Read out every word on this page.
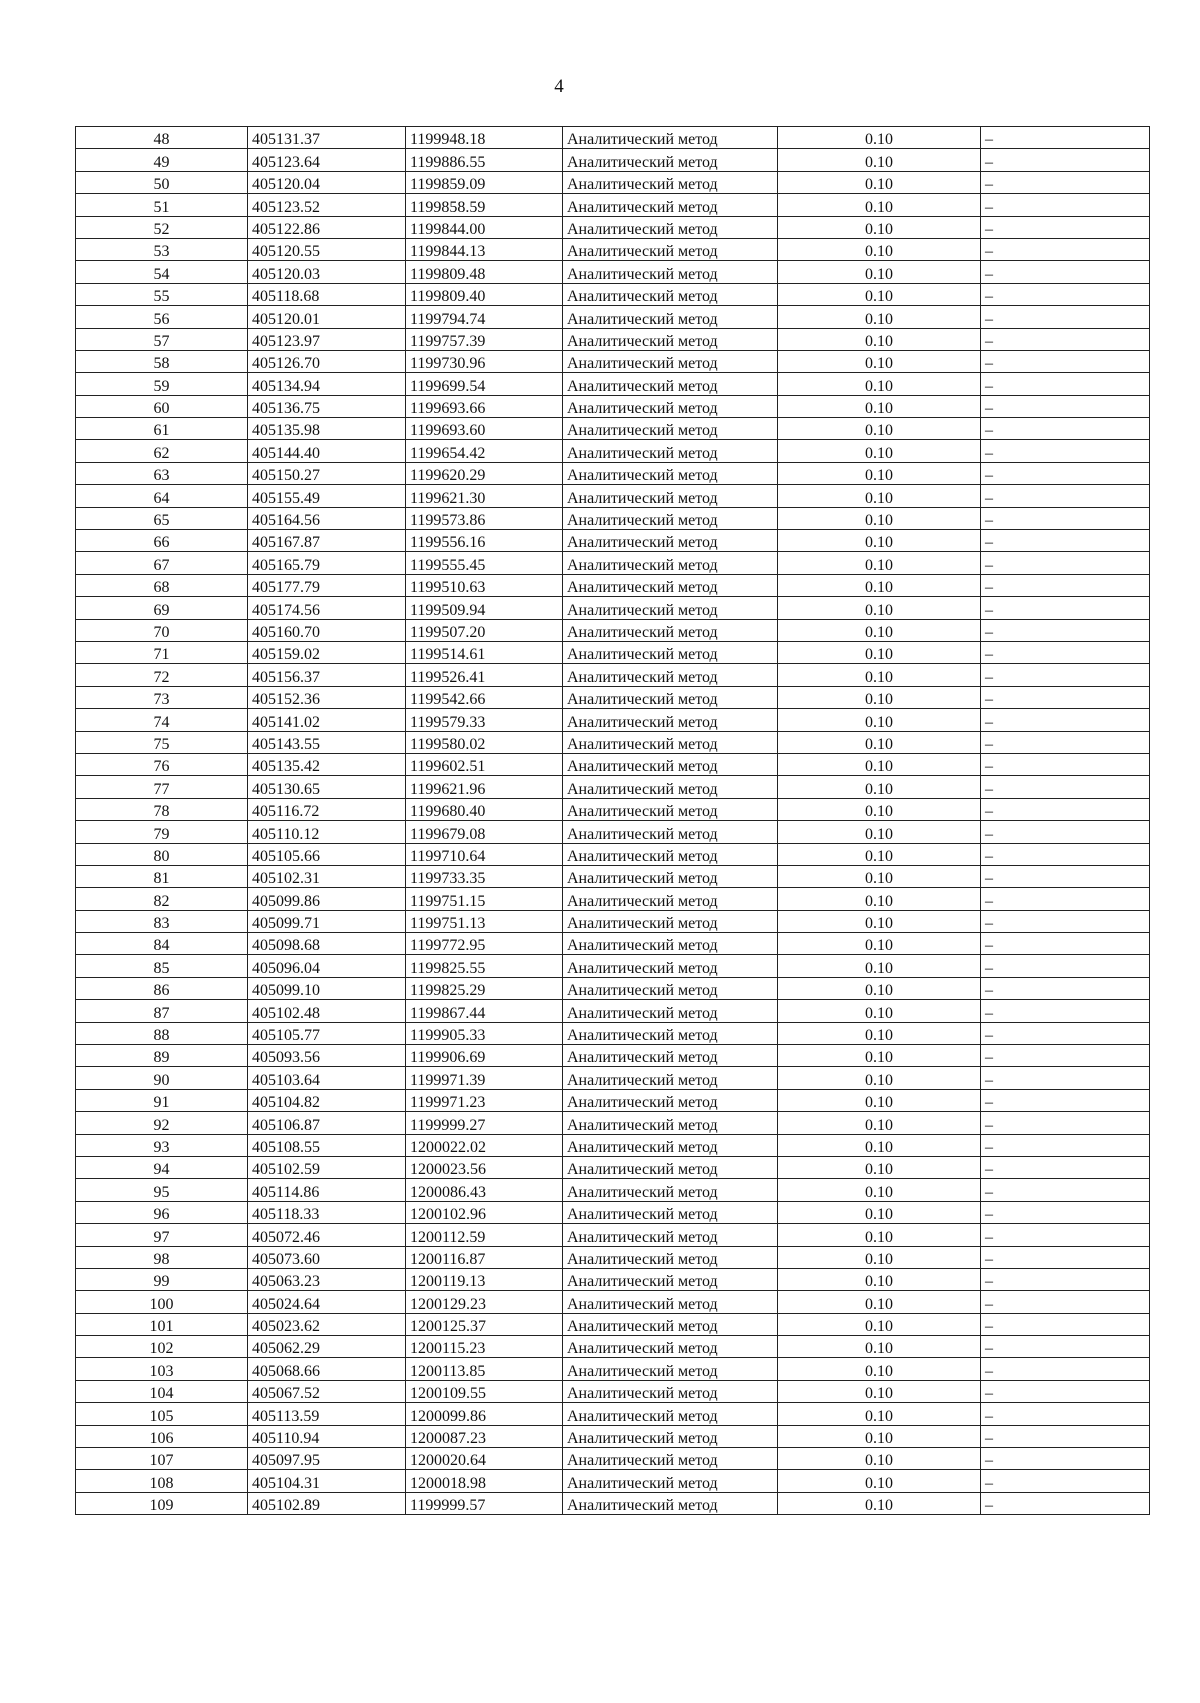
4
48	405131.37	1199948.18	Аналитический метод	0.10	–
49	405123.64	1199886.55	Аналитический метод	0.10	–
50	405120.04	1199859.09	Аналитический метод	0.10	–
51	405123.52	1199858.59	Аналитический метод	0.10	–
52	405122.86	1199844.00	Аналитический метод	0.10	–
53	405120.55	1199844.13	Аналитический метод	0.10	–
54	405120.03	1199809.48	Аналитический метод	0.10	–
55	405118.68	1199809.40	Аналитический метод	0.10	–
56	405120.01	1199794.74	Аналитический метод	0.10	–
57	405123.97	1199757.39	Аналитический метод	0.10	–
58	405126.70	1199730.96	Аналитический метод	0.10	–
59	405134.94	1199699.54	Аналитический метод	0.10	–
60	405136.75	1199693.66	Аналитический метод	0.10	–
61	405135.98	1199693.60	Аналитический метод	0.10	–
62	405144.40	1199654.42	Аналитический метод	0.10	–
63	405150.27	1199620.29	Аналитический метод	0.10	–
64	405155.49	1199621.30	Аналитический метод	0.10	–
65	405164.56	1199573.86	Аналитический метод	0.10	–
66	405167.87	1199556.16	Аналитический метод	0.10	–
67	405165.79	1199555.45	Аналитический метод	0.10	–
68	405177.79	1199510.63	Аналитический метод	0.10	–
69	405174.56	1199509.94	Аналитический метод	0.10	–
70	405160.70	1199507.20	Аналитический метод	0.10	–
71	405159.02	1199514.61	Аналитический метод	0.10	–
72	405156.37	1199526.41	Аналитический метод	0.10	–
73	405152.36	1199542.66	Аналитический метод	0.10	–
74	405141.02	1199579.33	Аналитический метод	0.10	–
75	405143.55	1199580.02	Аналитический метод	0.10	–
76	405135.42	1199602.51	Аналитический метод	0.10	–
77	405130.65	1199621.96	Аналитический метод	0.10	–
78	405116.72	1199680.40	Аналитический метод	0.10	–
79	405110.12	1199679.08	Аналитический метод	0.10	–
80	405105.66	1199710.64	Аналитический метод	0.10	–
81	405102.31	1199733.35	Аналитический метод	0.10	–
82	405099.86	1199751.15	Аналитический метод	0.10	–
83	405099.71	1199751.13	Аналитический метод	0.10	–
84	405098.68	1199772.95	Аналитический метод	0.10	–
85	405096.04	1199825.55	Аналитический метод	0.10	–
86	405099.10	1199825.29	Аналитический метод	0.10	–
87	405102.48	1199867.44	Аналитический метод	0.10	–
88	405105.77	1199905.33	Аналитический метод	0.10	–
89	405093.56	1199906.69	Аналитический метод	0.10	–
90	405103.64	1199971.39	Аналитический метод	0.10	–
91	405104.82	1199971.23	Аналитический метод	0.10	–
92	405106.87	1199999.27	Аналитический метод	0.10	–
93	405108.55	1200022.02	Аналитический метод	0.10	–
94	405102.59	1200023.56	Аналитический метод	0.10	–
95	405114.86	1200086.43	Аналитический метод	0.10	–
96	405118.33	1200102.96	Аналитический метод	0.10	–
97	405072.46	1200112.59	Аналитический метод	0.10	–
98	405073.60	1200116.87	Аналитический метод	0.10	–
99	405063.23	1200119.13	Аналитический метод	0.10	–
100	405024.64	1200129.23	Аналитический метод	0.10	–
101	405023.62	1200125.37	Аналитический метод	0.10	–
102	405062.29	1200115.23	Аналитический метод	0.10	–
103	405068.66	1200113.85	Аналитический метод	0.10	–
104	405067.52	1200109.55	Аналитический метод	0.10	–
105	405113.59	1200099.86	Аналитический метод	0.10	–
106	405110.94	1200087.23	Аналитический метод	0.10	–
107	405097.95	1200020.64	Аналитический метод	0.10	–
108	405104.31	1200018.98	Аналитический метод	0.10	–
109	405102.89	1199999.57	Аналитический метод	0.10	–
